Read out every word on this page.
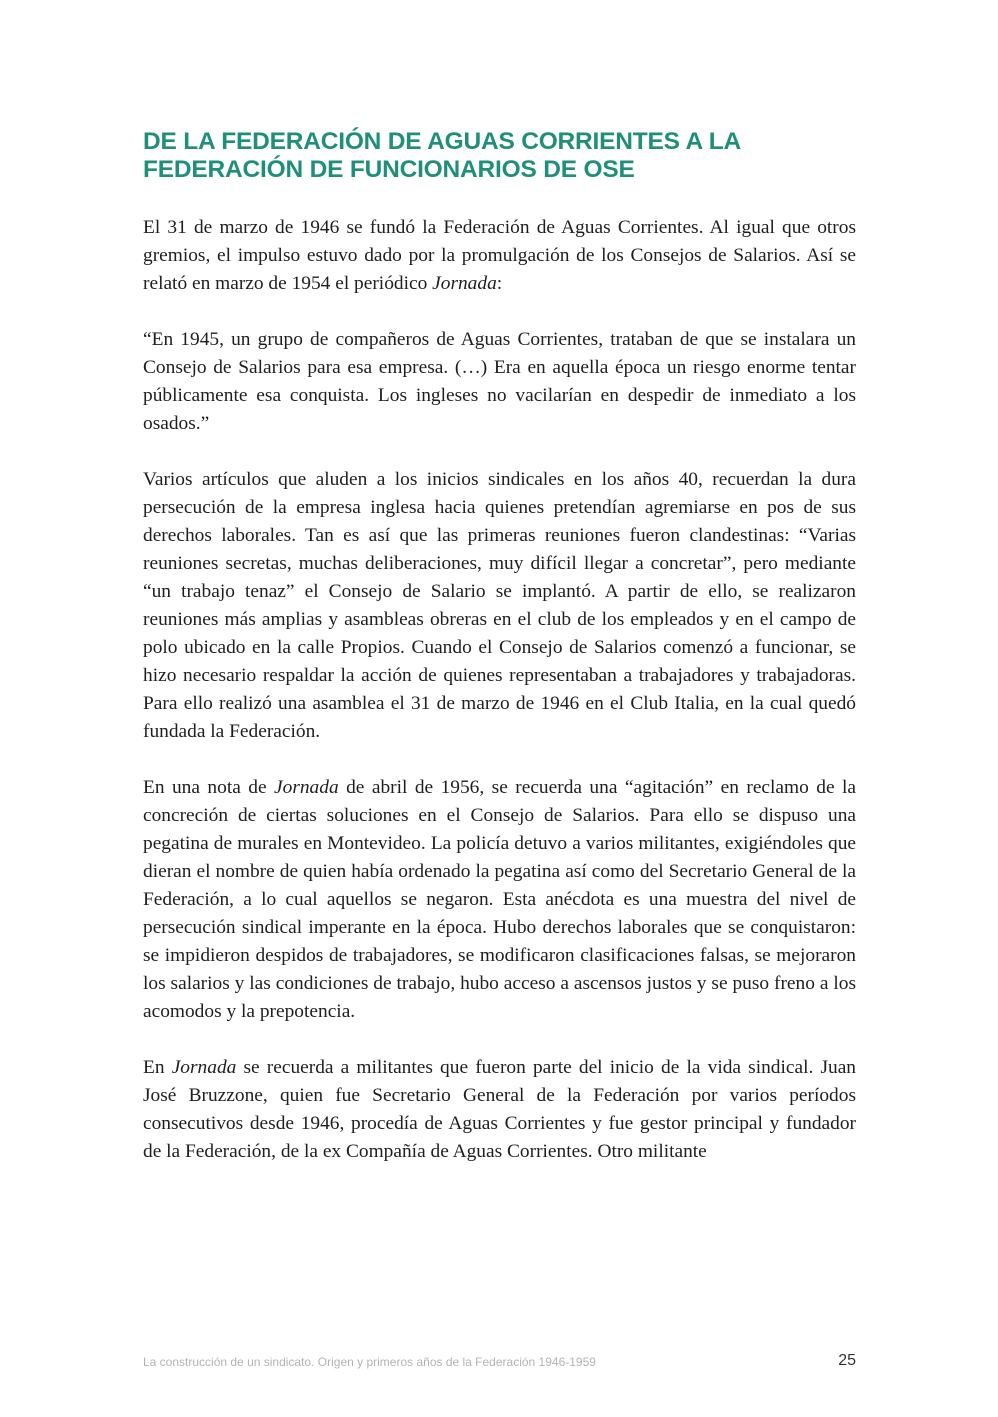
DE LA FEDERACIÓN DE AGUAS CORRIENTES A LA
FEDERACIÓN DE FUNCIONARIOS DE OSE

El 31 de marzo de 1946 se fundó la Federación de Aguas Corrientes. Al igual que otros gremios, el impulso estuvo dado por la promulgación de los Consejos de Salarios. Así se relató en marzo de 1954 el periódico Jornada:

“En 1945, un grupo de compañeros de Aguas Corrientes, trataban de que se instalara un Consejo de Salarios para esa empresa. (…) Era en aquella época un riesgo enorme tentar públicamente esa conquista. Los ingleses no vacilarían en despedir de inmediato a los osados.”

Varios artículos que aluden a los inicios sindicales en los años 40, recuerdan la dura persecución de la empresa inglesa hacia quienes pretendían agremiarse en pos de sus derechos laborales. Tan es así que las primeras reuniones fueron clandestinas: “Varias reuniones secretas, muchas deliberaciones, muy difícil llegar a concretar”, pero mediante “un trabajo tenaz” el Consejo de Salario se implantó. A partir de ello, se realizaron reuniones más amplias y asambleas obreras en el club de los empleados y en el campo de polo ubicado en la calle Propios. Cuando el Consejo de Salarios comenzó a funcionar, se hizo necesario respaldar la acción de quienes representaban a trabajadores y trabajadoras. Para ello realizó una asamblea el 31 de marzo de 1946 en el Club Italia, en la cual quedó fundada la Federación.

En una nota de Jornada de abril de 1956, se recuerda una “agitación” en reclamo de la concreción de ciertas soluciones en el Consejo de Salarios. Para ello se dispuso una pegatina de murales en Montevideo. La policía detuvo a varios militantes, exigiéndoles que dieran el nombre de quien había ordenado la pegatina así como del Secretario General de la Federación, a lo cual aquellos se negaron. Esta anécdota es una muestra del nivel de persecución sindical imperante en la época. Hubo derechos laborales que se conquistaron: se impidieron despidos de trabajadores, se modificaron clasificaciones falsas, se mejoraron los salarios y las condiciones de trabajo, hubo acceso a ascensos justos y se puso freno a los acomodos y la prepotencia.

En Jornada se recuerda a militantes que fueron parte del inicio de la vida sindical. Juan José Bruzzone, quien fue Secretario General de la Federación por varios períodos consecutivos desde 1946, procedía de Aguas Corrientes y fue gestor principal y fundador de la Federación, de la ex Compañía de Aguas Corrientes. Otro militante

La construcción de un sindicato. Origen y primeros años de la Federación 1946-1959	25
